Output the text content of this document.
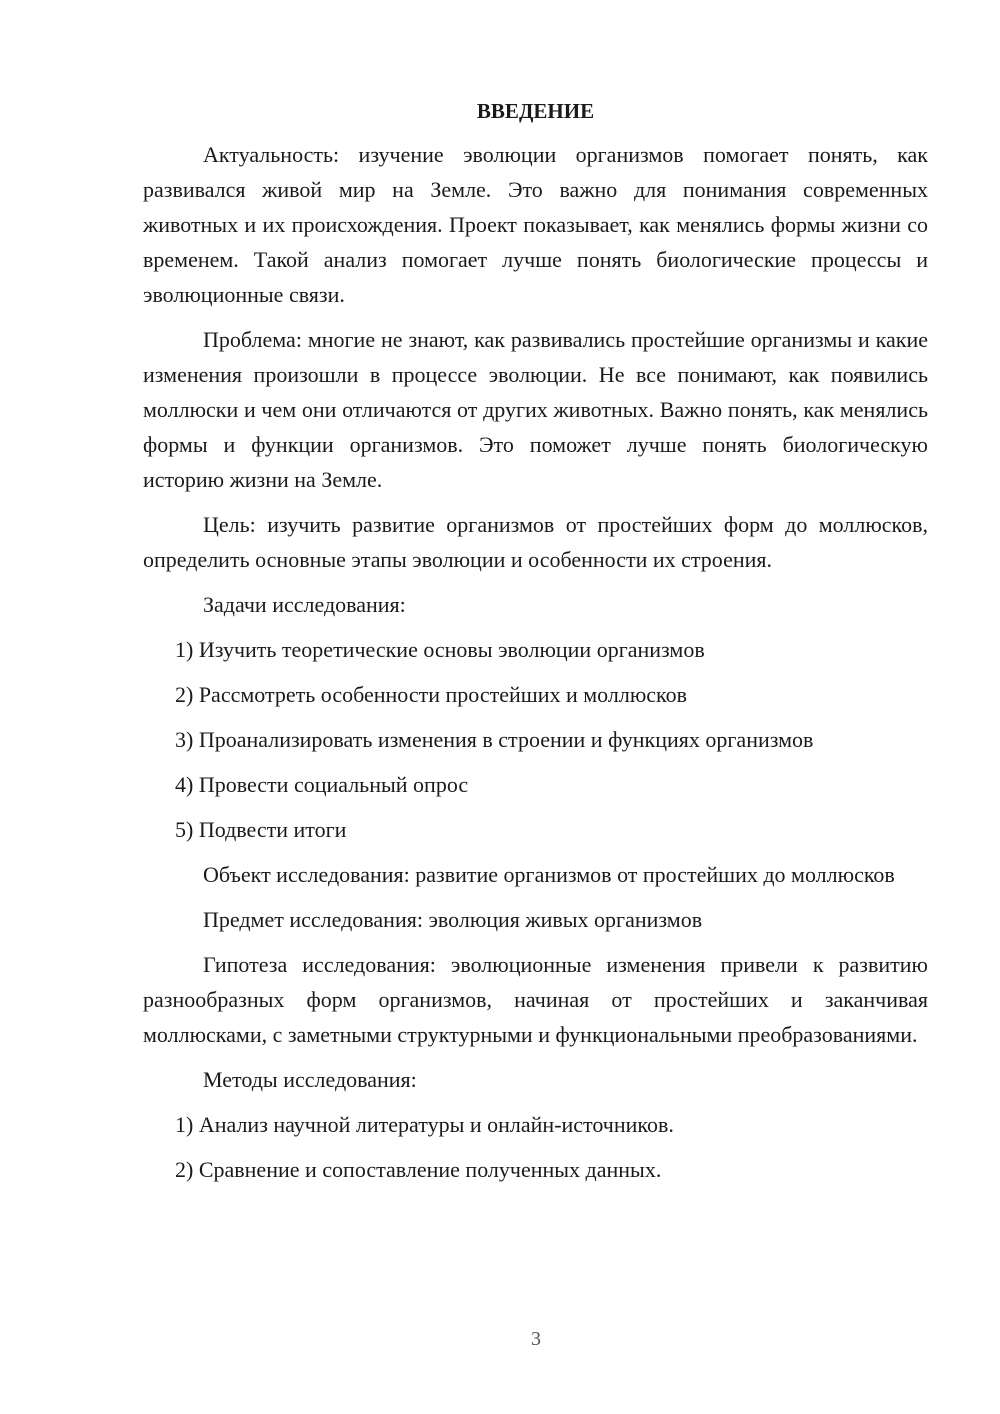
ВВЕДЕНИЕ

Актуальность: изучение эволюции организмов помогает понять, как развивался живой мир на Земле. Это важно для понимания современных животных и их происхождения. Проект показывает, как менялись формы жизни со временем. Такой анализ помогает лучше понять биологические процессы и эволюционные связи.

Проблема: многие не знают, как развивались простейшие организмы и какие изменения произошли в процессе эволюции. Не все понимают, как появились моллюски и чем они отличаются от других животных. Важно понять, как менялись формы и функции организмов. Это поможет лучше понять биологическую историю жизни на Земле.

Цель: изучить развитие организмов от простейших форм до моллюсков, определить основные этапы эволюции и особенности их строения.

Задачи исследования:

1) Изучить теоретические основы эволюции организмов
2) Рассмотреть особенности простейших и моллюсков
3) Проанализировать изменения в строении и функциях организмов
4) Провести социальный опрос
5) Подвести итоги

Объект исследования: развитие организмов от простейших до моллюсков

Предмет исследования: эволюция живых организмов

Гипотеза исследования: эволюционные изменения привели к развитию разнообразных форм организмов, начиная от простейших и заканчивая моллюсками, с заметными структурными и функциональными преобразованиями.

Методы исследования:

1) Анализ научной литературы и онлайн-источников.
2) Сравнение и сопоставление полученных данных.
3
